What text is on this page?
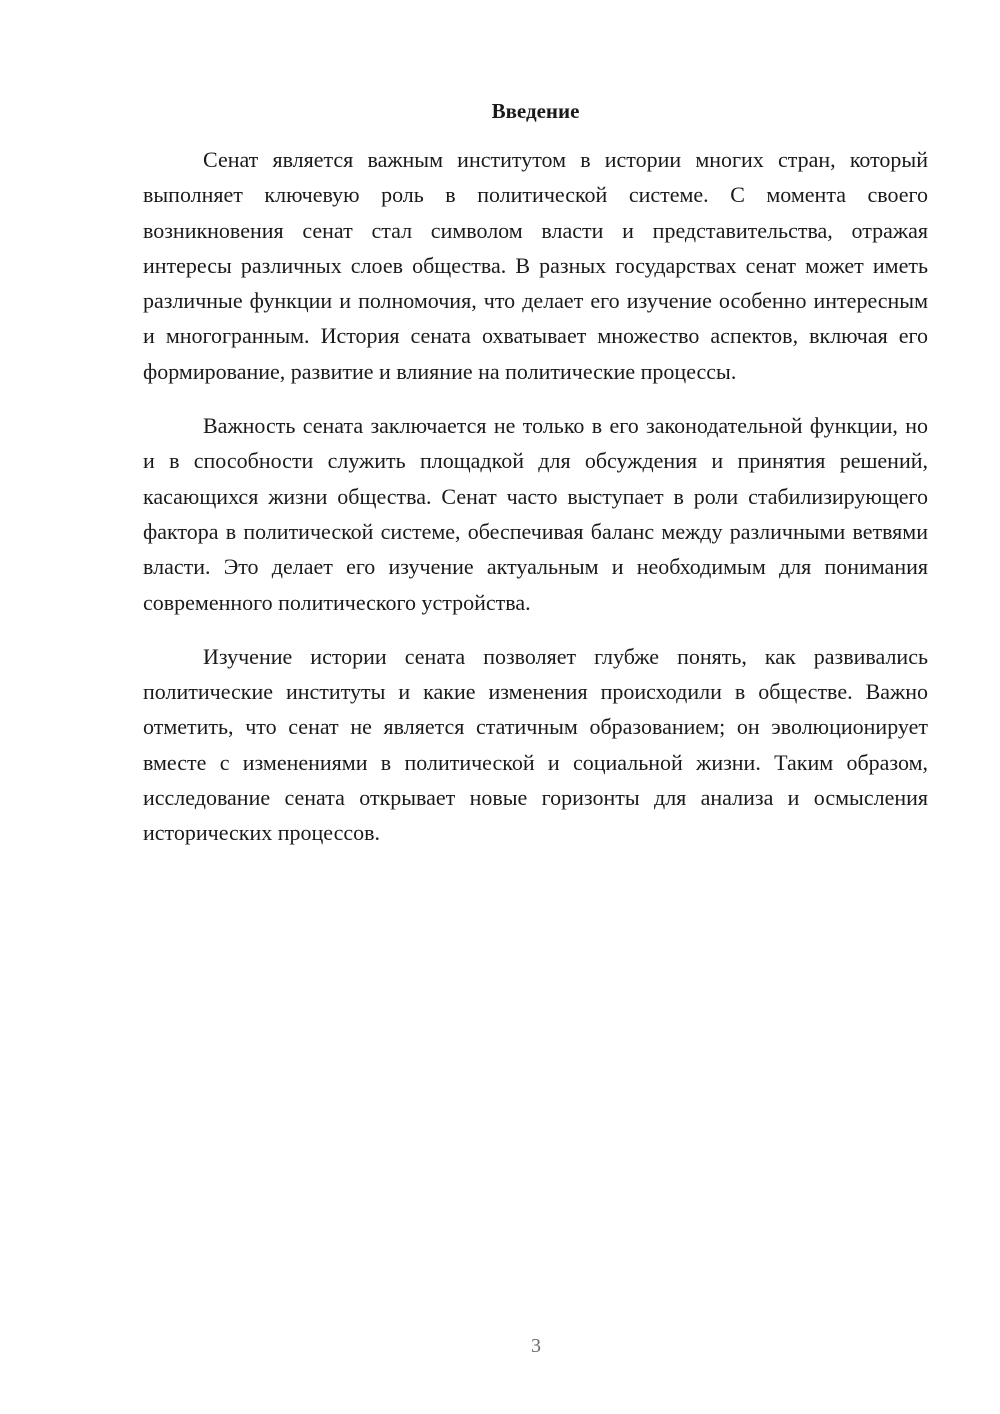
Введение

Сенат является важным институтом в истории многих стран, который выполняет ключевую роль в политической системе. С момента своего возникновения сенат стал символом власти и представительства, отражая интересы различных слоев общества. В разных государствах сенат может иметь различные функции и полномочия, что делает его изучение особенно интересным и многогранным. История сената охватывает множество аспектов, включая его формирование, развитие и влияние на политические процессы.

Важность сената заключается не только в его законодательной функции, но и в способности служить площадкой для обсуждения и принятия решений, касающихся жизни общества. Сенат часто выступает в роли стабилизирующего фактора в политической системе, обеспечивая баланс между различными ветвями власти. Это делает его изучение актуальным и необходимым для понимания современного политического устройства.

Изучение истории сената позволяет глубже понять, как развивались политические институты и какие изменения происходили в обществе. Важно отметить, что сенат не является статичным образованием; он эволюционирует вместе с изменениями в политической и социальной жизни. Таким образом, исследование сената открывает новые горизонты для анализа и осмысления исторических процессов.

3
